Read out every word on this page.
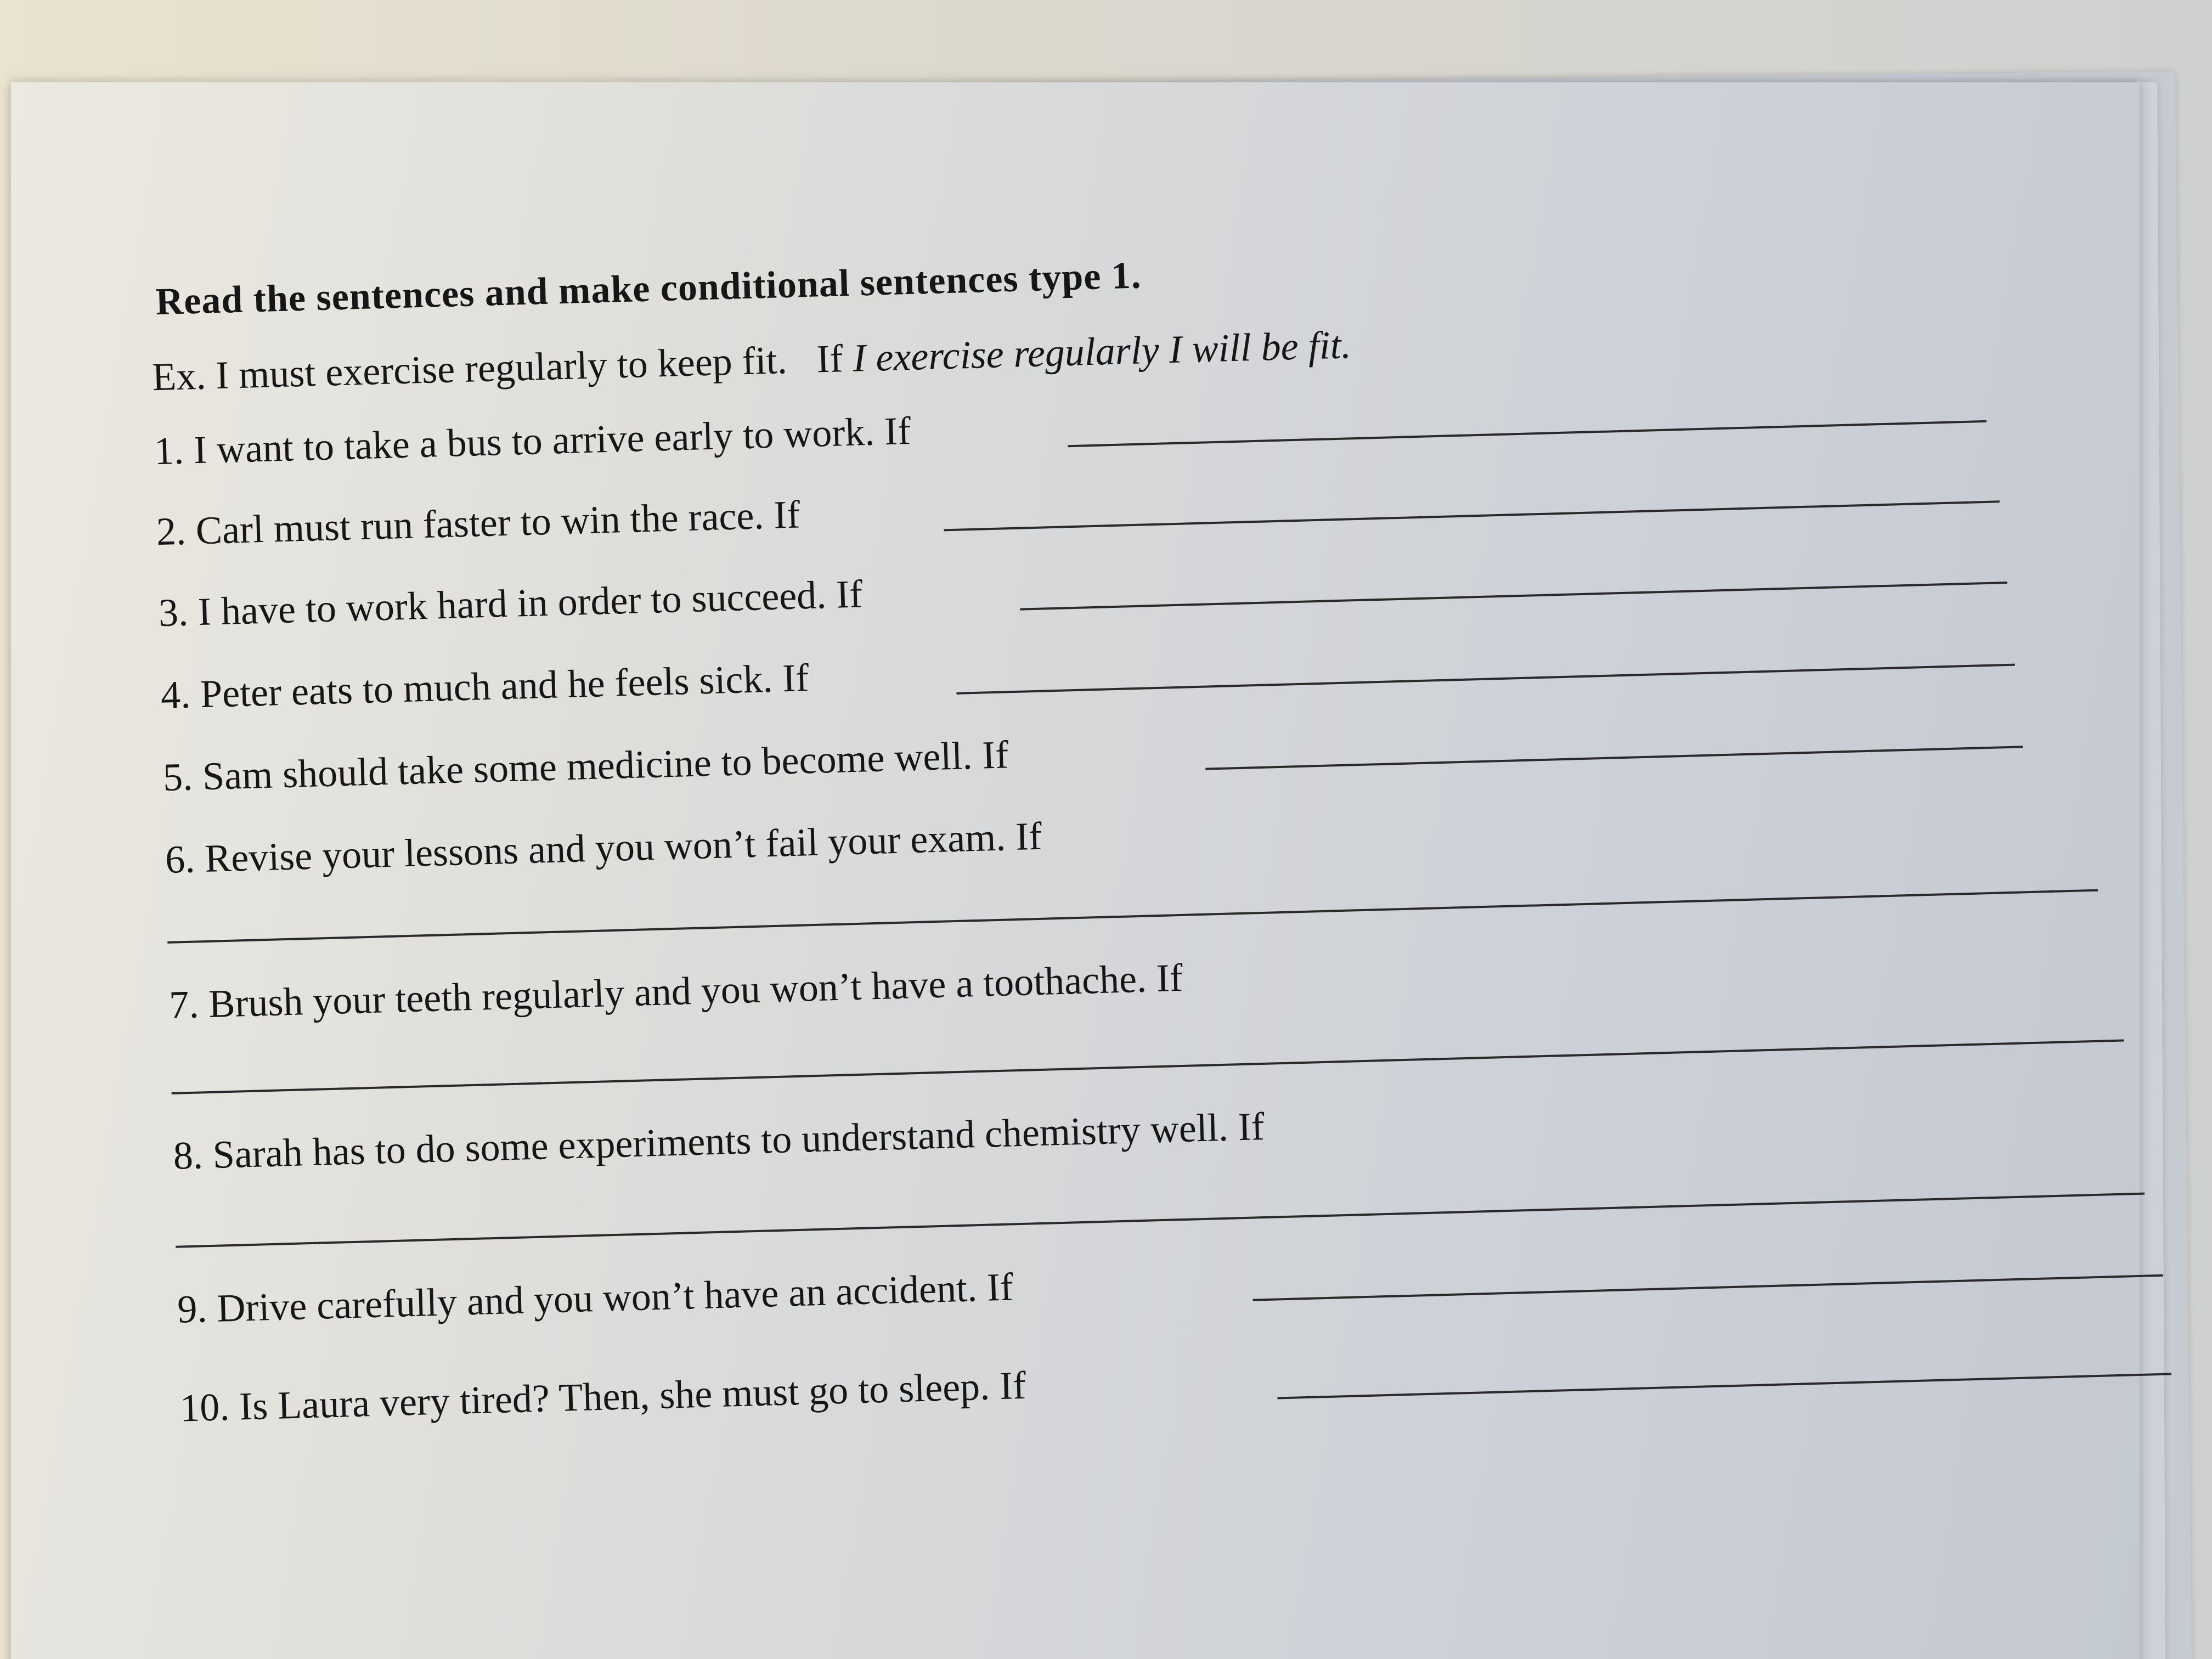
Read the sentences and make conditional sentences type 1.
Ex. I must exercise regularly to keep fit. If I exercise regularly I will be fit.
1. I want to take a bus to arrive early to work. If
2. Carl must run faster to win the race. If
3. I have to work hard in order to succeed. If
4. Peter eats to much and he feels sick. If
5. Sam should take some medicine to become well. If
6. Revise your lessons and you won’t fail your exam. If
7. Brush your teeth regularly and you won’t have a toothache. If
8. Sarah has to do some experiments to understand chemistry well. If
9. Drive carefully and you won’t have an accident. If
10. Is Laura very tired? Then, she must go to sleep. If
